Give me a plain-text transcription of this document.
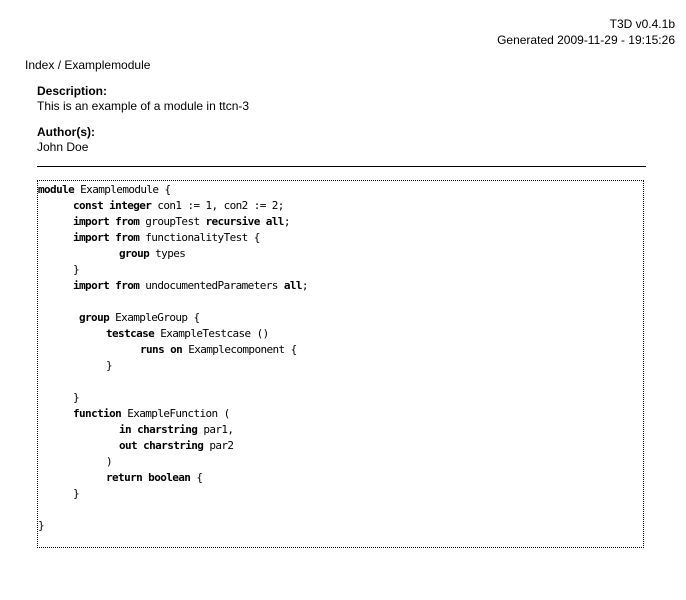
T3D v0.4.1b
Generated 2009-11-29 - 19:15:26
Index / Examplemodule
Description:
This is an example of a module in ttcn-3
Author(s):
John Doe
module Examplemodule {
const integer con1 := 1, con2 := 2;
import from groupTest recursive all;
import from functionalityTest {
group types
}
import from undocumentedParameters all;
group ExampleGroup {
testcase ExampleTestcase ()
runs on Examplecomponent {
}
}
function ExampleFunction (
in charstring par1,
out charstring par2
)
return boolean {
}
}
